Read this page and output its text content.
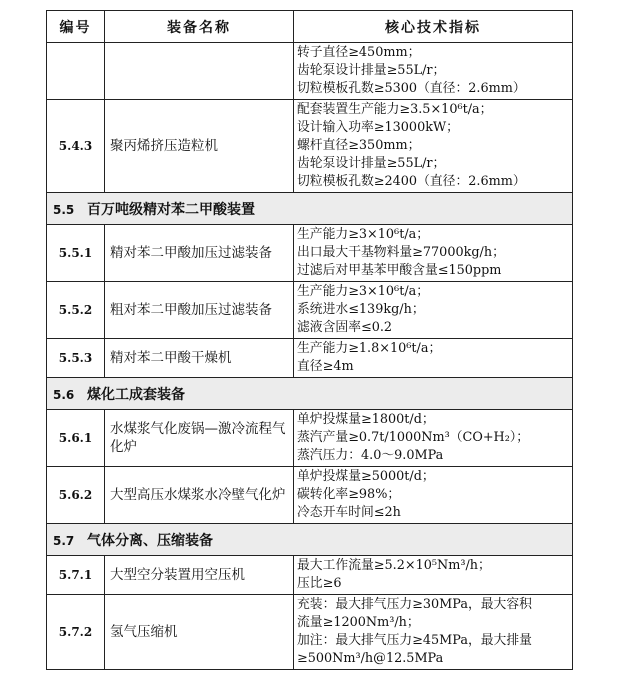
编号	装备名称	核心技术指标

		转子直径≥450mm；
齿轮泵设计排量≥55L/r；
切粒模板孔数≥5300（直径：2.6mm）

5.4.3	聚丙烯挤压造粒机	配套装置生产能力≥3.5×10⁶t/a；
设计输入功率≥13000kW；
螺杆直径≥350mm；
齿轮泵设计排量≥55L/r；
切粒模板孔数≥2400（直径：2.6mm）

5.5 百万吨级精对苯二甲酸装置		
5.5.1	精对苯二甲酸加压过滤装备	生产能力≥3×10⁶t/a；
出口最大干基物料量≥77000kg/h；
过滤后对甲基苯甲酸含量≤150ppm

5.5.2	粗对苯二甲酸加压过滤装备	生产能力≥3×10⁶t/a；
系统进水≤139kg/h；
滤液含固率≤0.2

5.5.3	精对苯二甲酸干燥机	生产能力≥1.8×10⁶t/a；
直径≥4m

5.6 煤化工成套装备		
5.6.1	水煤浆气化废锅—激冷流程气化炉	单炉投煤量≥1800t/d；
蒸汽产量≥0.7t/1000Nm³（CO+H₂）；
蒸汽压力：4.0～9.0MPa

5.6.2	大型高压水煤浆水冷壁气化炉	单炉投煤量≥5000t/d；
碳转化率≥98%；
冷态开车时间≤2h

5.7 气体分离、压缩装备		
5.7.1	大型空分装置用空压机	最大工作流量≥5.2×10⁵Nm³/h；
压比≥6

5.7.2	氢气压缩机	充装：最大排气压力≥30MPa，最大容积
流量≥1200Nm³/h；
加注：最大排气压力≥45MPa，最大排量
≥500Nm³/h@12.5MPa
